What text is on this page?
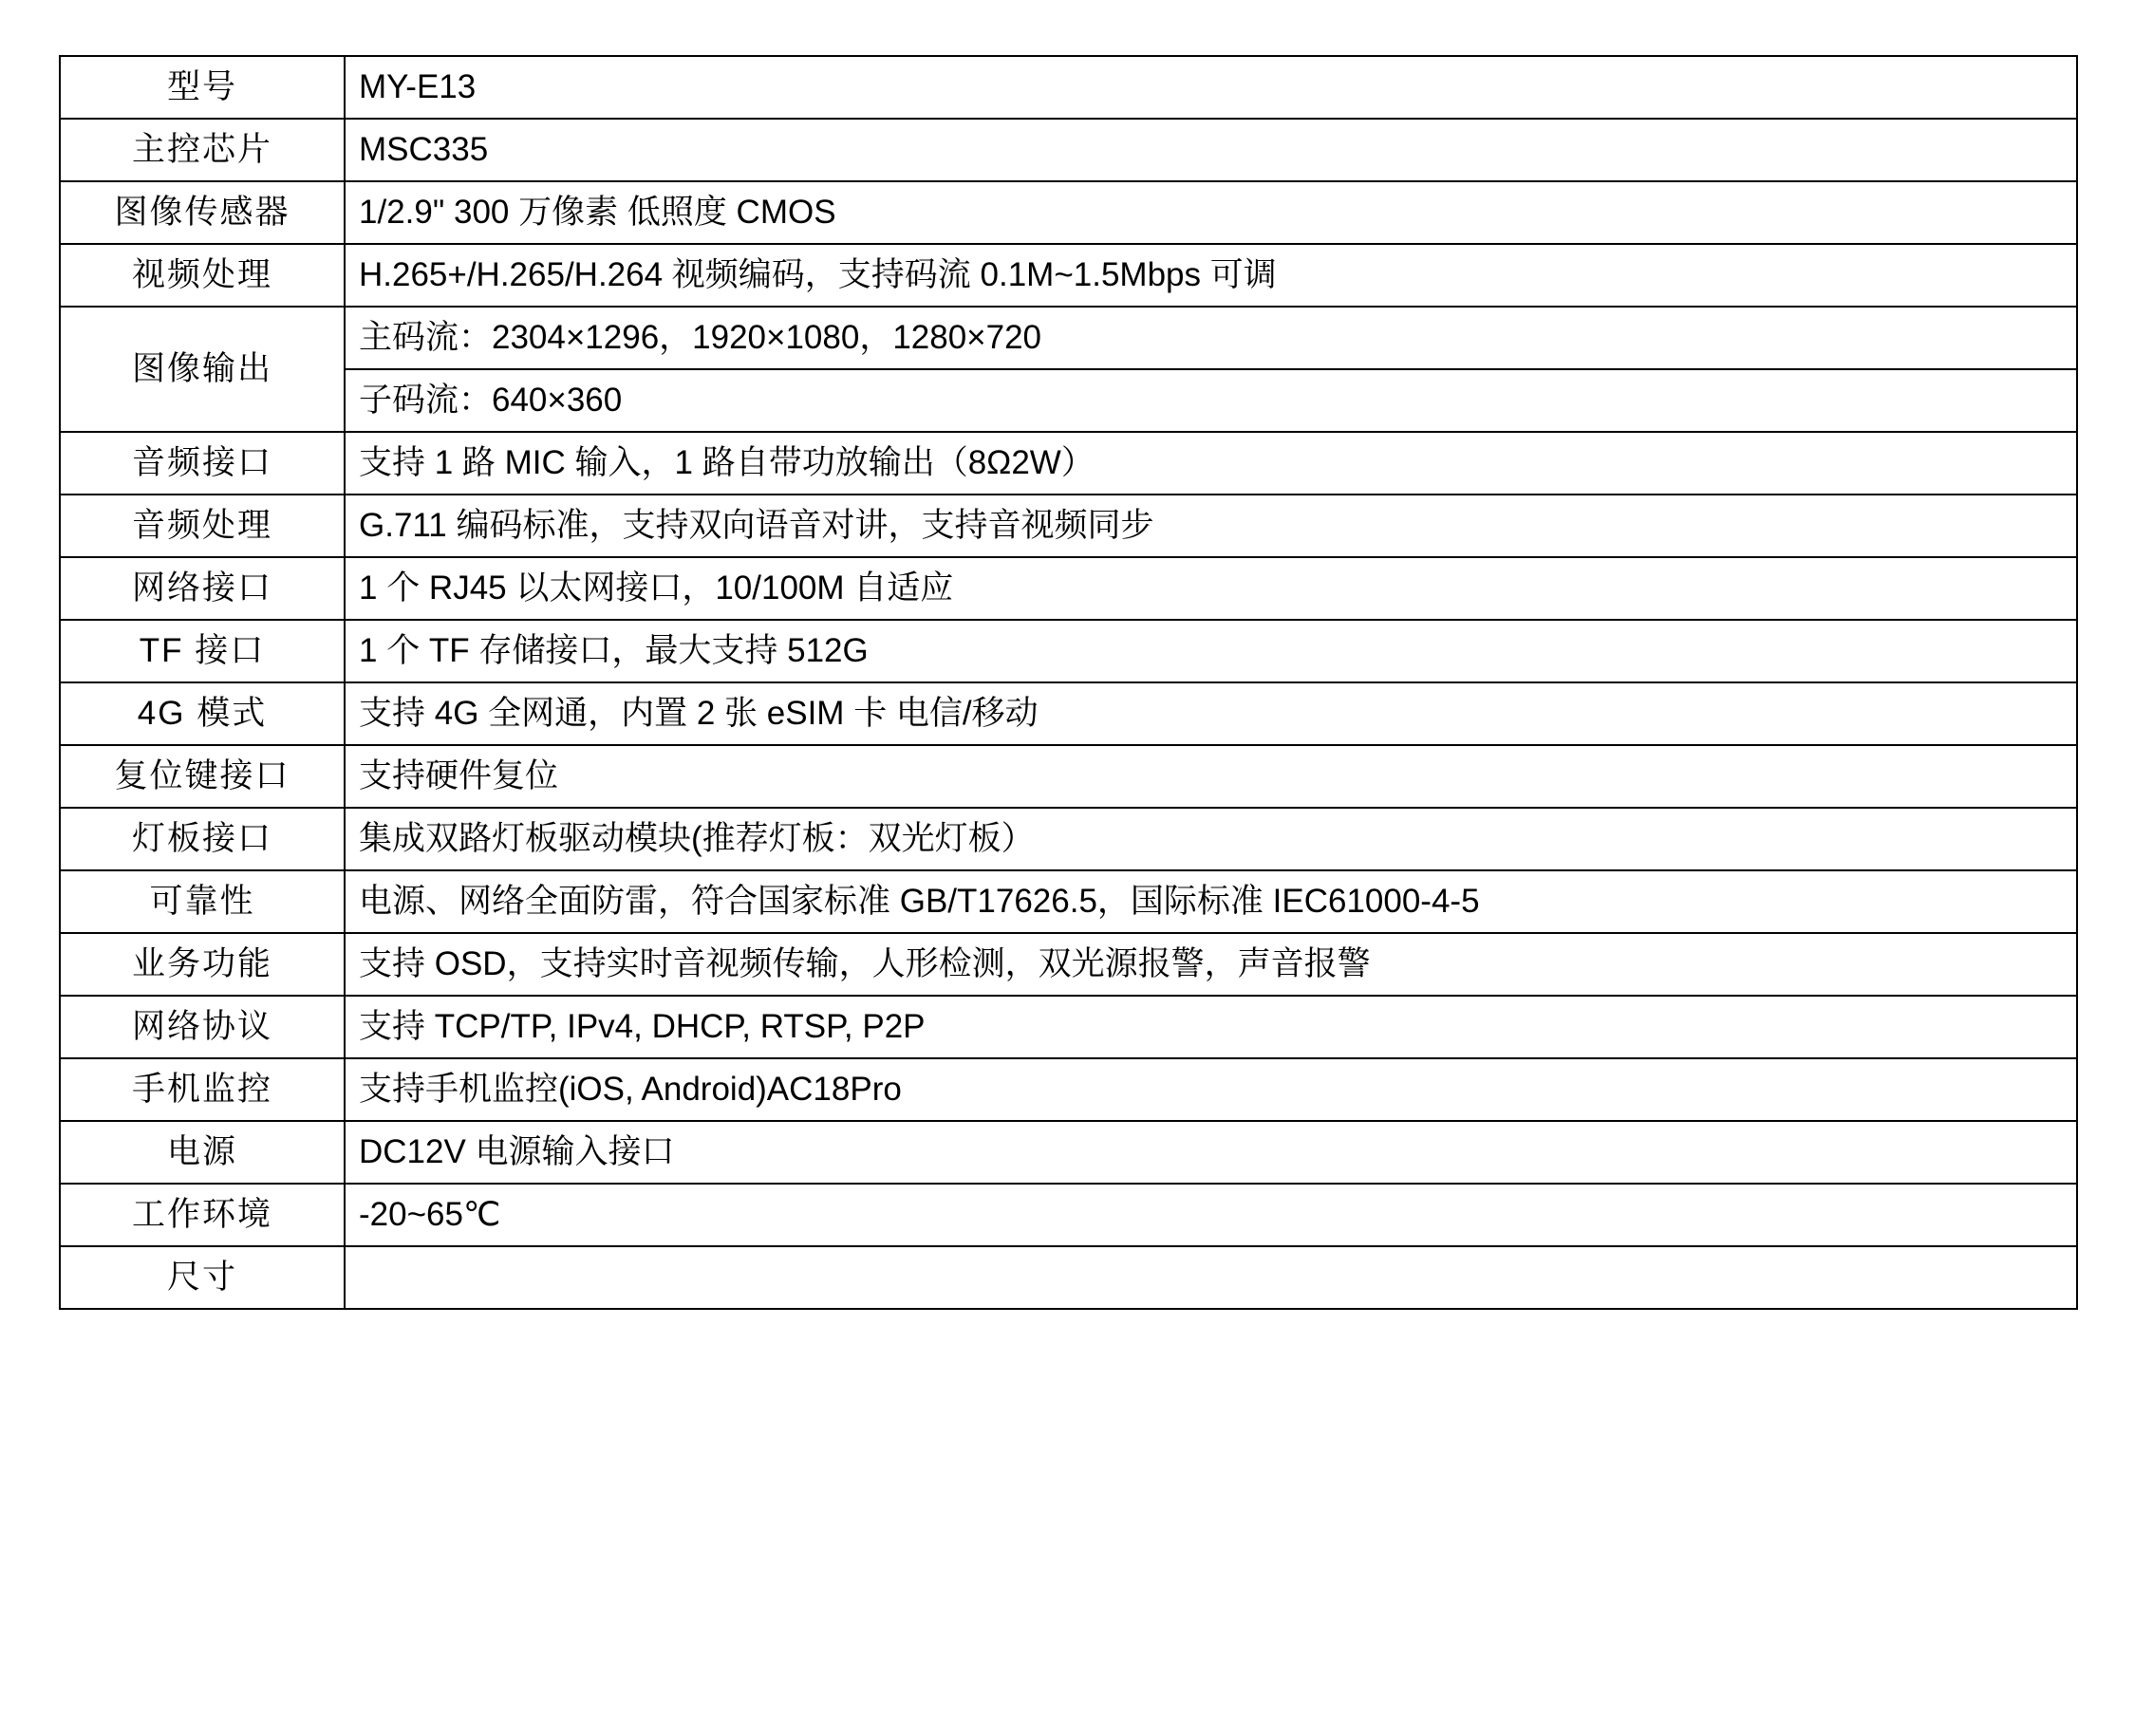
型号	MY-E13
主控芯片	MSC335
图像传感器	1/2.9" 300 万像素 低照度 CMOS
视频处理	H.265+/H.265/H.264 视频编码，支持码流 0.1M~1.5Mbps 可调
图像输出	主码流：2304×1296，1920×1080，1280×720
	子码流：640×360
音频接口	支持 1 路 MIC 输入，1 路自带功放输出（8Ω2W）
音频处理	G.711 编码标准，支持双向语音对讲，支持音视频同步
网络接口	1 个 RJ45 以太网接口，10/100M 自适应
TF 接口	1 个 TF 存储接口，最大支持 512G
4G 模式	支持 4G 全网通，内置 2 张 eSIM 卡 电信/移动
复位键接口	支持硬件复位
灯板接口	集成双路灯板驱动模块(推荐灯板：双光灯板）
可靠性	电源、网络全面防雷，符合国家标准 GB/T17626.5，国际标准 IEC61000-4-5
业务功能	支持 OSD，支持实时音视频传输，人形检测，双光源报警，声音报警
网络协议	支持 TCP/TP, IPv4, DHCP, RTSP, P2P
手机监控	支持手机监控(iOS, Android)AC18Pro
电源	DC12V 电源输入接口
工作环境	-20~65℃
尺寸	
